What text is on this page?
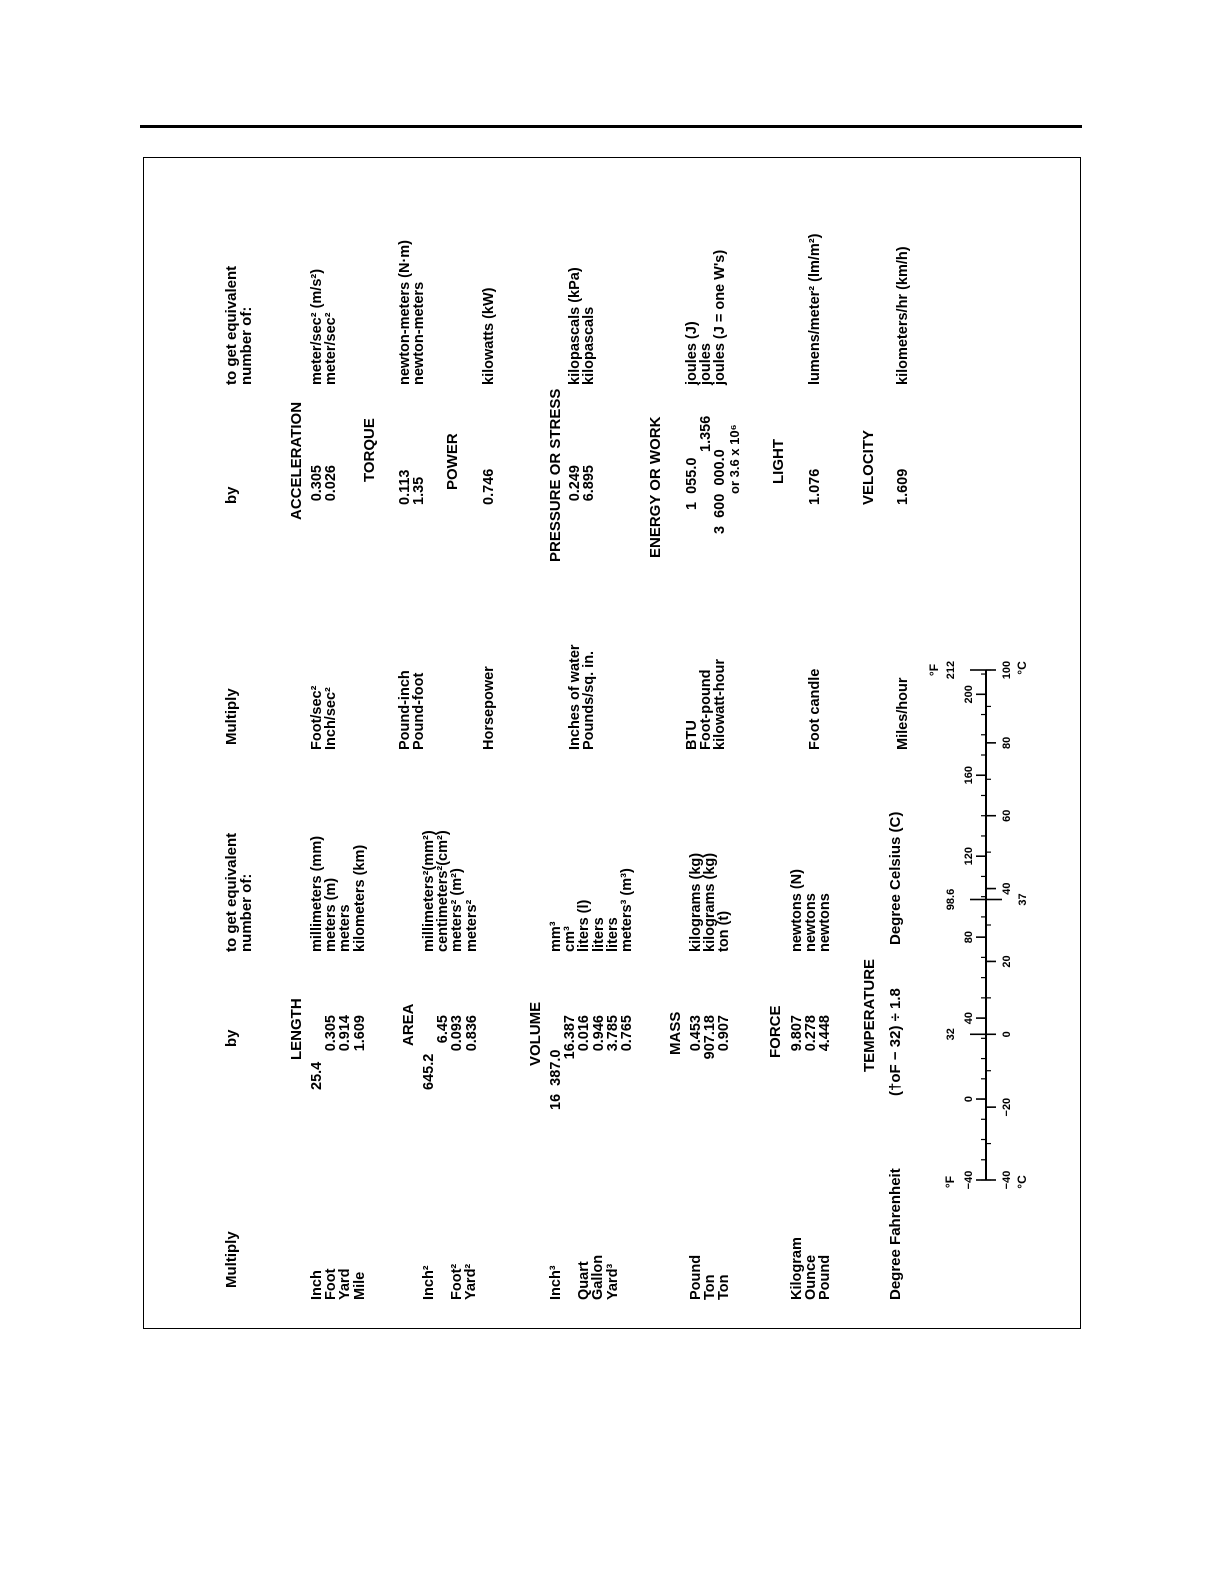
Multiply
by
to get equivalent
number of:
LENGTH
Inch
Foot
Yard
Mile
25.4
0.305
0.914
1.609
millimeters (mm)
meters (m)
meters
kilometers (km)
AREA
Inch² Foot²
Yard²
645.2
6.45
0.093
0.836
millimeters²(mm²)
centimeters²(cm²)
meters² (m²)
meters²
VOLUME
Inch³ Quart
Gallon
Yard³
16  387.0
16.387
0.016
0.946
3.785
0.765
mm³
cm³
liters (l)
liters
liters
meters³ (m³)
MASS
Pound
Ton
Ton
0.453
907.18
0.907
kilograms (kg)
kilograms (kg)
ton (t)
FORCE
Kilogram
Ounce
Pound
9.807
0.278
4.448
newtons (N)
newtons
newtons
TEMPERATURE
Degree Fahrenheit
(†oF − 32) ÷ 1.8
Degree Celsius (C)
−40
0
40
80
120
160
200
−40
−20
0
20
40
60
80
100
32
98.6
212
37
°F	°C
°F	°C
Multiply
by
to get equivalent
number of:
ACCELERATION
Foot/sec²
Inch/sec²
0.305
0.026
meter/sec² (m/s²)
meter/sec²
TORQUE
Pound-inch
Pound-foot
0.113
1.35
newton-meters (N·m)
newton-meters
POWER
Horsepower
0.746
kilowatts (kW)
PRESSURE OR STRESS
Inches of water
Pounds/sq. in.
0.249
6.895
kilopascals (kPa)
kilopascals
ENERGY OR WORK
BTU
Foot-pound
kilowatt-hour
1  055.0
1.356
3  600  000.0
or 3.6 x 10⁶
joules (J)
joules
joules (J = one W's)
LIGHT
Foot candle
1.076
lumens/meter² (lm/m²)
VELOCITY
Miles/hour
1.609
kilometers/hr (km/h)
